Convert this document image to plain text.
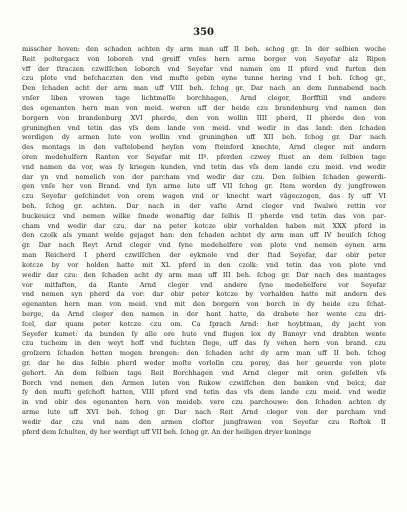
350
misscher hoven: den schaden achten dy arm man uff II beh. schog gr. In der selbien woche
Reit poltergacz von loboreh vnd greiff vnſes hern arme borger von Seyefar alz Ripen
vff der ſtraczen czwiſſchen loborch vnd Seyefar vnd namen om II pferd vnd furten den
czu plote vnd beſchaczten den vnd mufte gebin eyne tunne hering vnd I beh. ſchog gr.,
Den ſchaden acht der arm man uff VIII beh. ſchog gr. Dar nach an dem ſunnabend nach
vnſer liben vrowen tage lichtmeſſe borchhagen, Arnd cleger, Borfftill vnd andere
des egenanten hern man von meid. weren uff der heide czu brandenburg vnd namen den
borgern von brandenburg XVI pherde, den von wollin IIII pherd, II pherde den von
gruninghen vnd tetin das vſs dem lande von meid. vnd wedir in das land: den ſchaden
werdigen dy armen lute von wollin vnd gruninghen uff XII beh. ſchog gr. Dar nach
des montags in den vaſtelobend heyſen vom ſteinford knechte, Arnd cleger mit andern
oren medehulfern Ranten vor Seyefar mit IIº. pferden czwey ſtuet an dem ſelbien tage
vnd namen da vor, was ſy kriegen kunden, vnd tetin das vſs dem lande czu meid. vnd wedir
dar yn vnd nemelich von der parcham vnd wedir dar czu. Den ſelbien ſchaden gewerdi-
gen vnſe her von Brand. vnd ſyn arme lute uff VII ſchog gr. Item worden dy jungfrowen
czu Seyefar geſchindet von orem wagen vnd or knecht wart vâgeczogen, das ſy uff VI
beh. ſchog gr. achten. Dar nach in der vaſte Arnd cleger vnd ſwalwe rettin vor
buckeuicz vnd nemen wilke ſmede wonaftig dar ſelbis II pherde vnd tetin das von par-
cham vnd wedir dar czu, dar na peter kotcze obir vorhalden haben mit XXX pferd in
den czolk als ymant welde gejaget han: den ſchaden achtet dy arm man uff IV beuiſch ſchog
gr. Dar nach Reyt Arnd cleger vnd ſyne medehelfere von plote vnd nemen eynen arm
man Reicherd I pherd czwiſſchen der eykmole vnd der ſtad Seyefar, dar obir peter
kotcze by vor holden hatte mit XL pferd in den czolk: vnd tetin das von plote vnd
wedir dar czu: den ſchaden acht dy arm man uff III beh. ſchog gr. Dar nach des mantages
vor mitfaften, da Rante Arnd cleger vnd andere ſyne medehelfere vor Seyefar
vnd nemen syn pherd da vor: dar obir peter kotcze by vorhalden hatte mit andern des
egenanten hern man von meid. vnd mit den borgern von borch in dy heide czu ſchat-
berge, da Arnd cleger den namen in der hant hatte, da drabete her wente czu dri-
ſcel, dar quam peter kotcze czu om. Ca ſprach Arnd: her hoybtman, dy jacht von
Seyefer kumet: da bunden ſy alle ore hute vnd flugen lox dy Banoyr vnd drabten wente
czu tucheim in den weyt hoff vnd fuchten ſlege, uff das ſy vehen hern von brand. czu
groſzern ſchaden hetten mogen brengen: den ſchaden acht dy arm man uff II beh. ſchog
gr. dar he das ſelbie pherd weder moſte vorloſin czu porey, das her geuerde von plote
gehort. An dem ſelbien tage Reit Borchhagen vnd Arnd cleger mit oren geſellen vſs
Borch vnd nemen den Armen luten von Rukow czwiſſchen den banken vnd belcz, dar
ſy den mufti geſchoft hatten, VIII pferd vnd tetin das vſs dem lande czu meid. vnd wedir
in vnd obir des egenanten hern von meideb. vere czu parchouwe: den ſchaden achten dy
arme lute uff XVI beh. ſchog gr. Dar nach Reit Arnd cleger von der parcham vnd
wedir dar czu vnd nam den armen clofter jungfrawen von Seyefar czu Roftok II
pferd dem ſchulten, dy her werdigt uff VII beh. ſchog gr. An der heiligen dryer koninge
